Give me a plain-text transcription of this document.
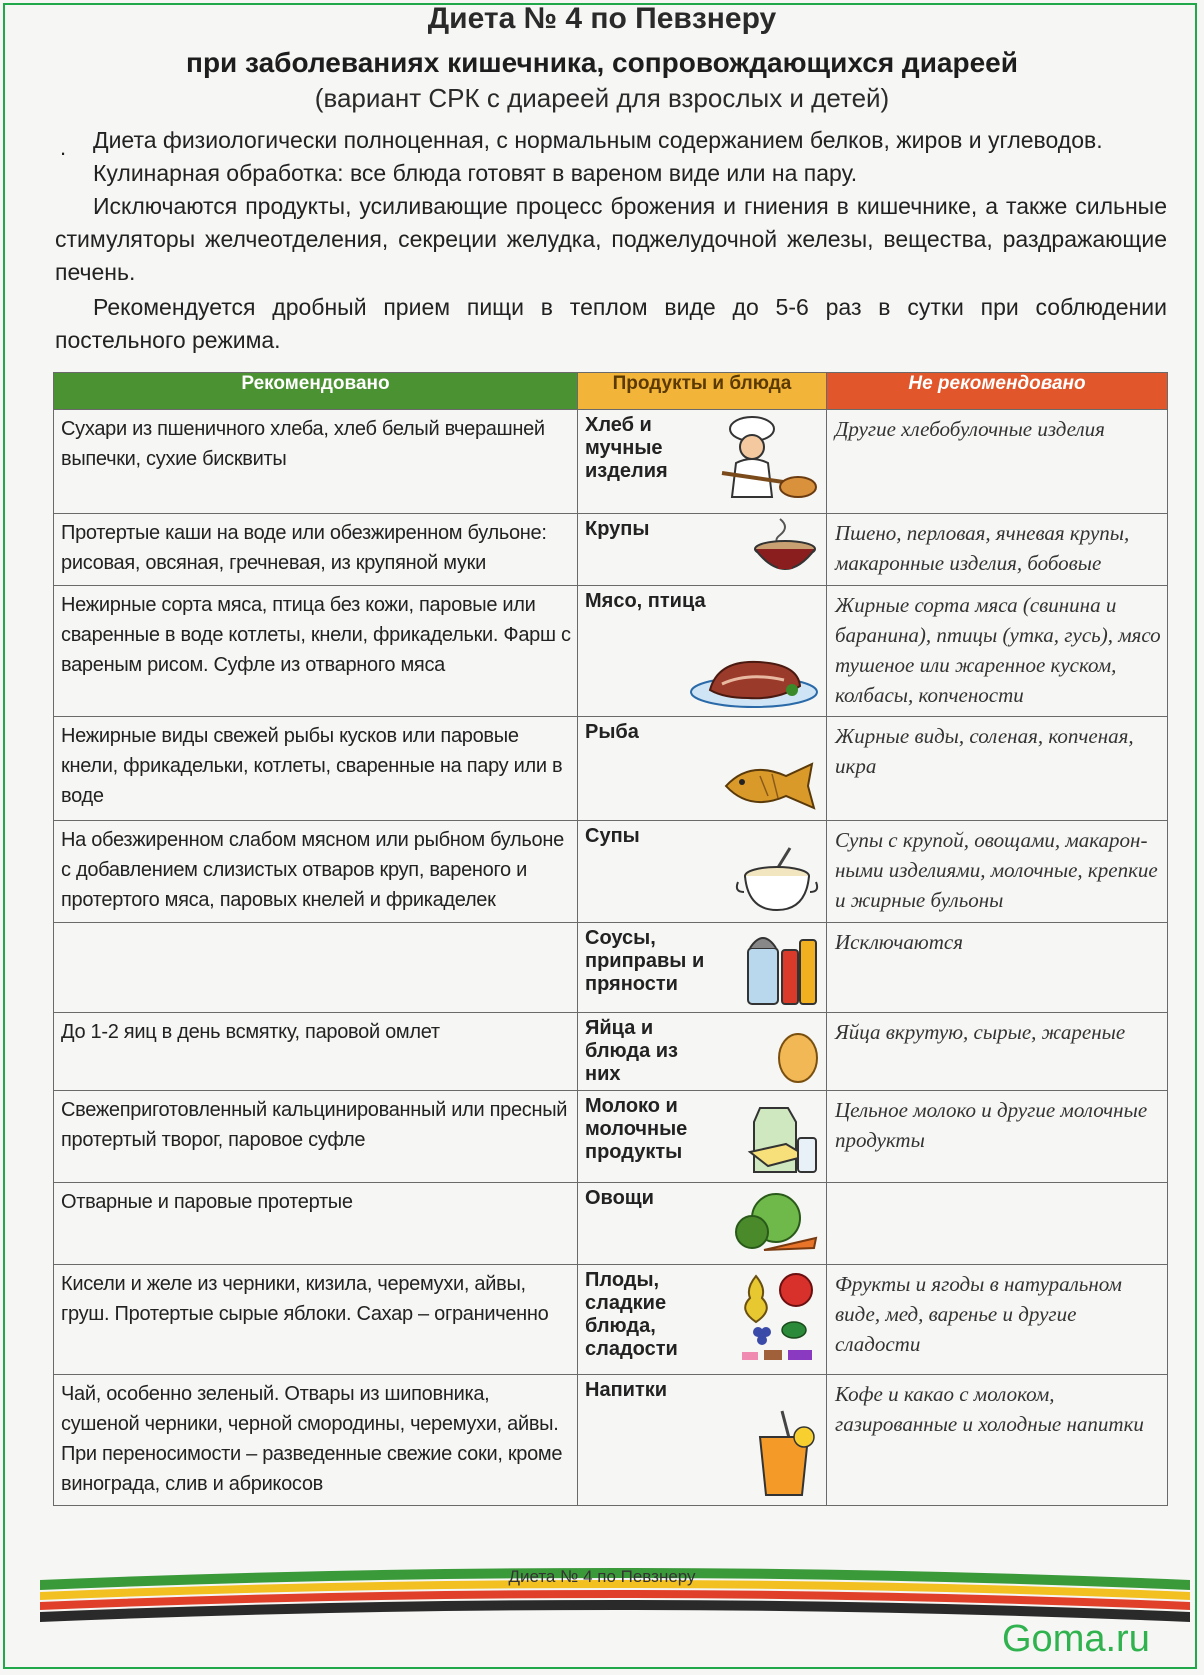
Диета № 4 по Певзнеру
при заболеваниях кишечника, сопровождающихся диареей
(вариант СРК с диареей для взрослых и детей)
.	Диета физиологически полноценная, с нормальным содержанием белков, жиров и углеводов.

Кулинарная обработка: все блюда готовят в вареном виде или на пару.

Исключаются продукты, усиливающие процесс брожения и гниения в кишечнике, а также сильные стимуляторы желчеотделения, секреции желудка, поджелудочной железы, вещества, раздражающие печень.

Рекомендуется дробный прием пищи в теплом виде до 5-6 раз в сутки при соблюдении постельного режима.

Рекомендовано	Продукты и блюда	Не рекомендовано
Сухари из пшеничного хлеба, хлеб белый вчерашней выпечки, сухие бисквиты	Хлеб и мучные изделия	Другие хлебобулочные изделия
Протертые каши на воде или обезжиренном бульоне: рисовая, овсяная, гречневая, из крупяной муки	Крупы	Пшено, перловая, ячневая крупы, макаронные изделия, бобовые
Нежирные сорта мяса, птица без кожи, паровые или сваренные в воде котлеты, кнели, фрикадельки. Фарш с вареным рисом. Суфле из отварного мяса	Мясо, птица	Жирные сорта мяса (свинина и баранина), птицы (утка, гусь), мясо тушеное или жаренное куском, колбасы, копчености
Нежирные виды свежей рыбы кусков или паровые кнели, фрикадельки, котлеты, сваренные на пару или в воде	Рыба	Жирные виды, соленая, копченая, икра
На обезжиренном слабом мясном или рыбном бульоне с добавлением слизистых отваров круп, вареного и протертого мяса, паровых кнелей и фрикаделек	Супы	Супы с крупой, овощами, макарон-ными изделиями, молочные, крепкие и жирные бульоны

	Соусы, приправы и пряности	Исключаются
До 1-2 яиц в день всмятку, паровой омлет	Яйца и блюда из них	Яйца вкрутую, сырые, жареные
Свежеприготовленный кальцинированный или пресный протертый творог, паровое суфле	Молоко и молочные продукты	Цельное молоко и другие молочные продукты
Отварные и паровые протертые	Овощи	

Кисели и желе из черники, кизила, черемухи, айвы, груш. Протертые сырые яблоки. Сахар – ограниченно	Плоды, сладкие блюда, сладости	Фрукты и ягоды в натуральном виде, мед, варенье и другие сладости
Чай, особенно зеленый. Отвары из шиповника, сушеной черники, черной смородины, черемухи, айвы. При переносимости – разведенные свежие соки, кроме винограда, слив и абрикосов	Напитки	Кофе и какао с молоком, газированные и холодные напитки
Диета № 4 по Певзнеру
Goma.ru
